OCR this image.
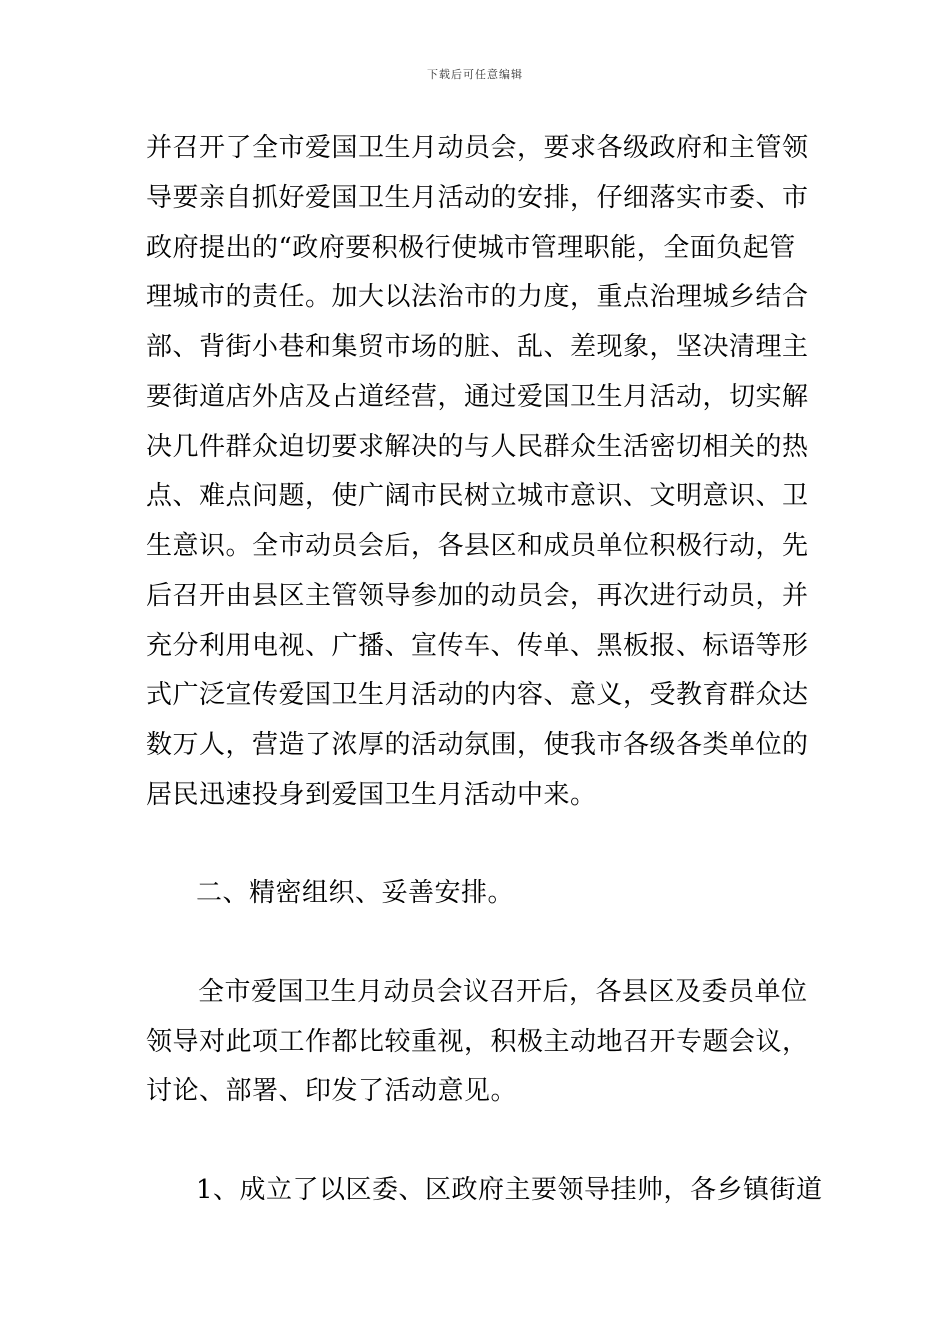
下载后可任意编辑
并召开了全市爱国卫生月动员会，要求各级政府和主管领
导要亲自抓好爱国卫生月活动的安排，仔细落实市委、市
政府提出的“政府要积极行使城市管理职能，全面负起管
理城市的责任。加大以法治市的力度，重点治理城乡结合
部、背街小巷和集贸市场的脏、乱、差现象，坚决清理主
要街道店外店及占道经营，通过爱国卫生月活动，切实解
决几件群众迫切要求解决的与人民群众生活密切相关的热
点、难点问题，使广阔市民树立城市意识、文明意识、卫
生意识。全市动员会后，各县区和成员单位积极行动，先
后召开由县区主管领导参加的动员会，再次进行动员，并
充分利用电视、广播、宣传车、传单、黑板报、标语等形
式广泛宣传爱国卫生月活动的内容、意义，受教育群众达
数万人，营造了浓厚的活动氛围，使我市各级各类单位的
居民迅速投身到爱国卫生月活动中来。
二、精密组织、妥善安排。
全市爱国卫生月动员会议召开后，各县区及委员单位
领导对此项工作都比较重视，积极主动地召开专题会议，
讨论、部署、印发了活动意见。
1、成立了以区委、区政府主要领导挂帅，各乡镇街道
